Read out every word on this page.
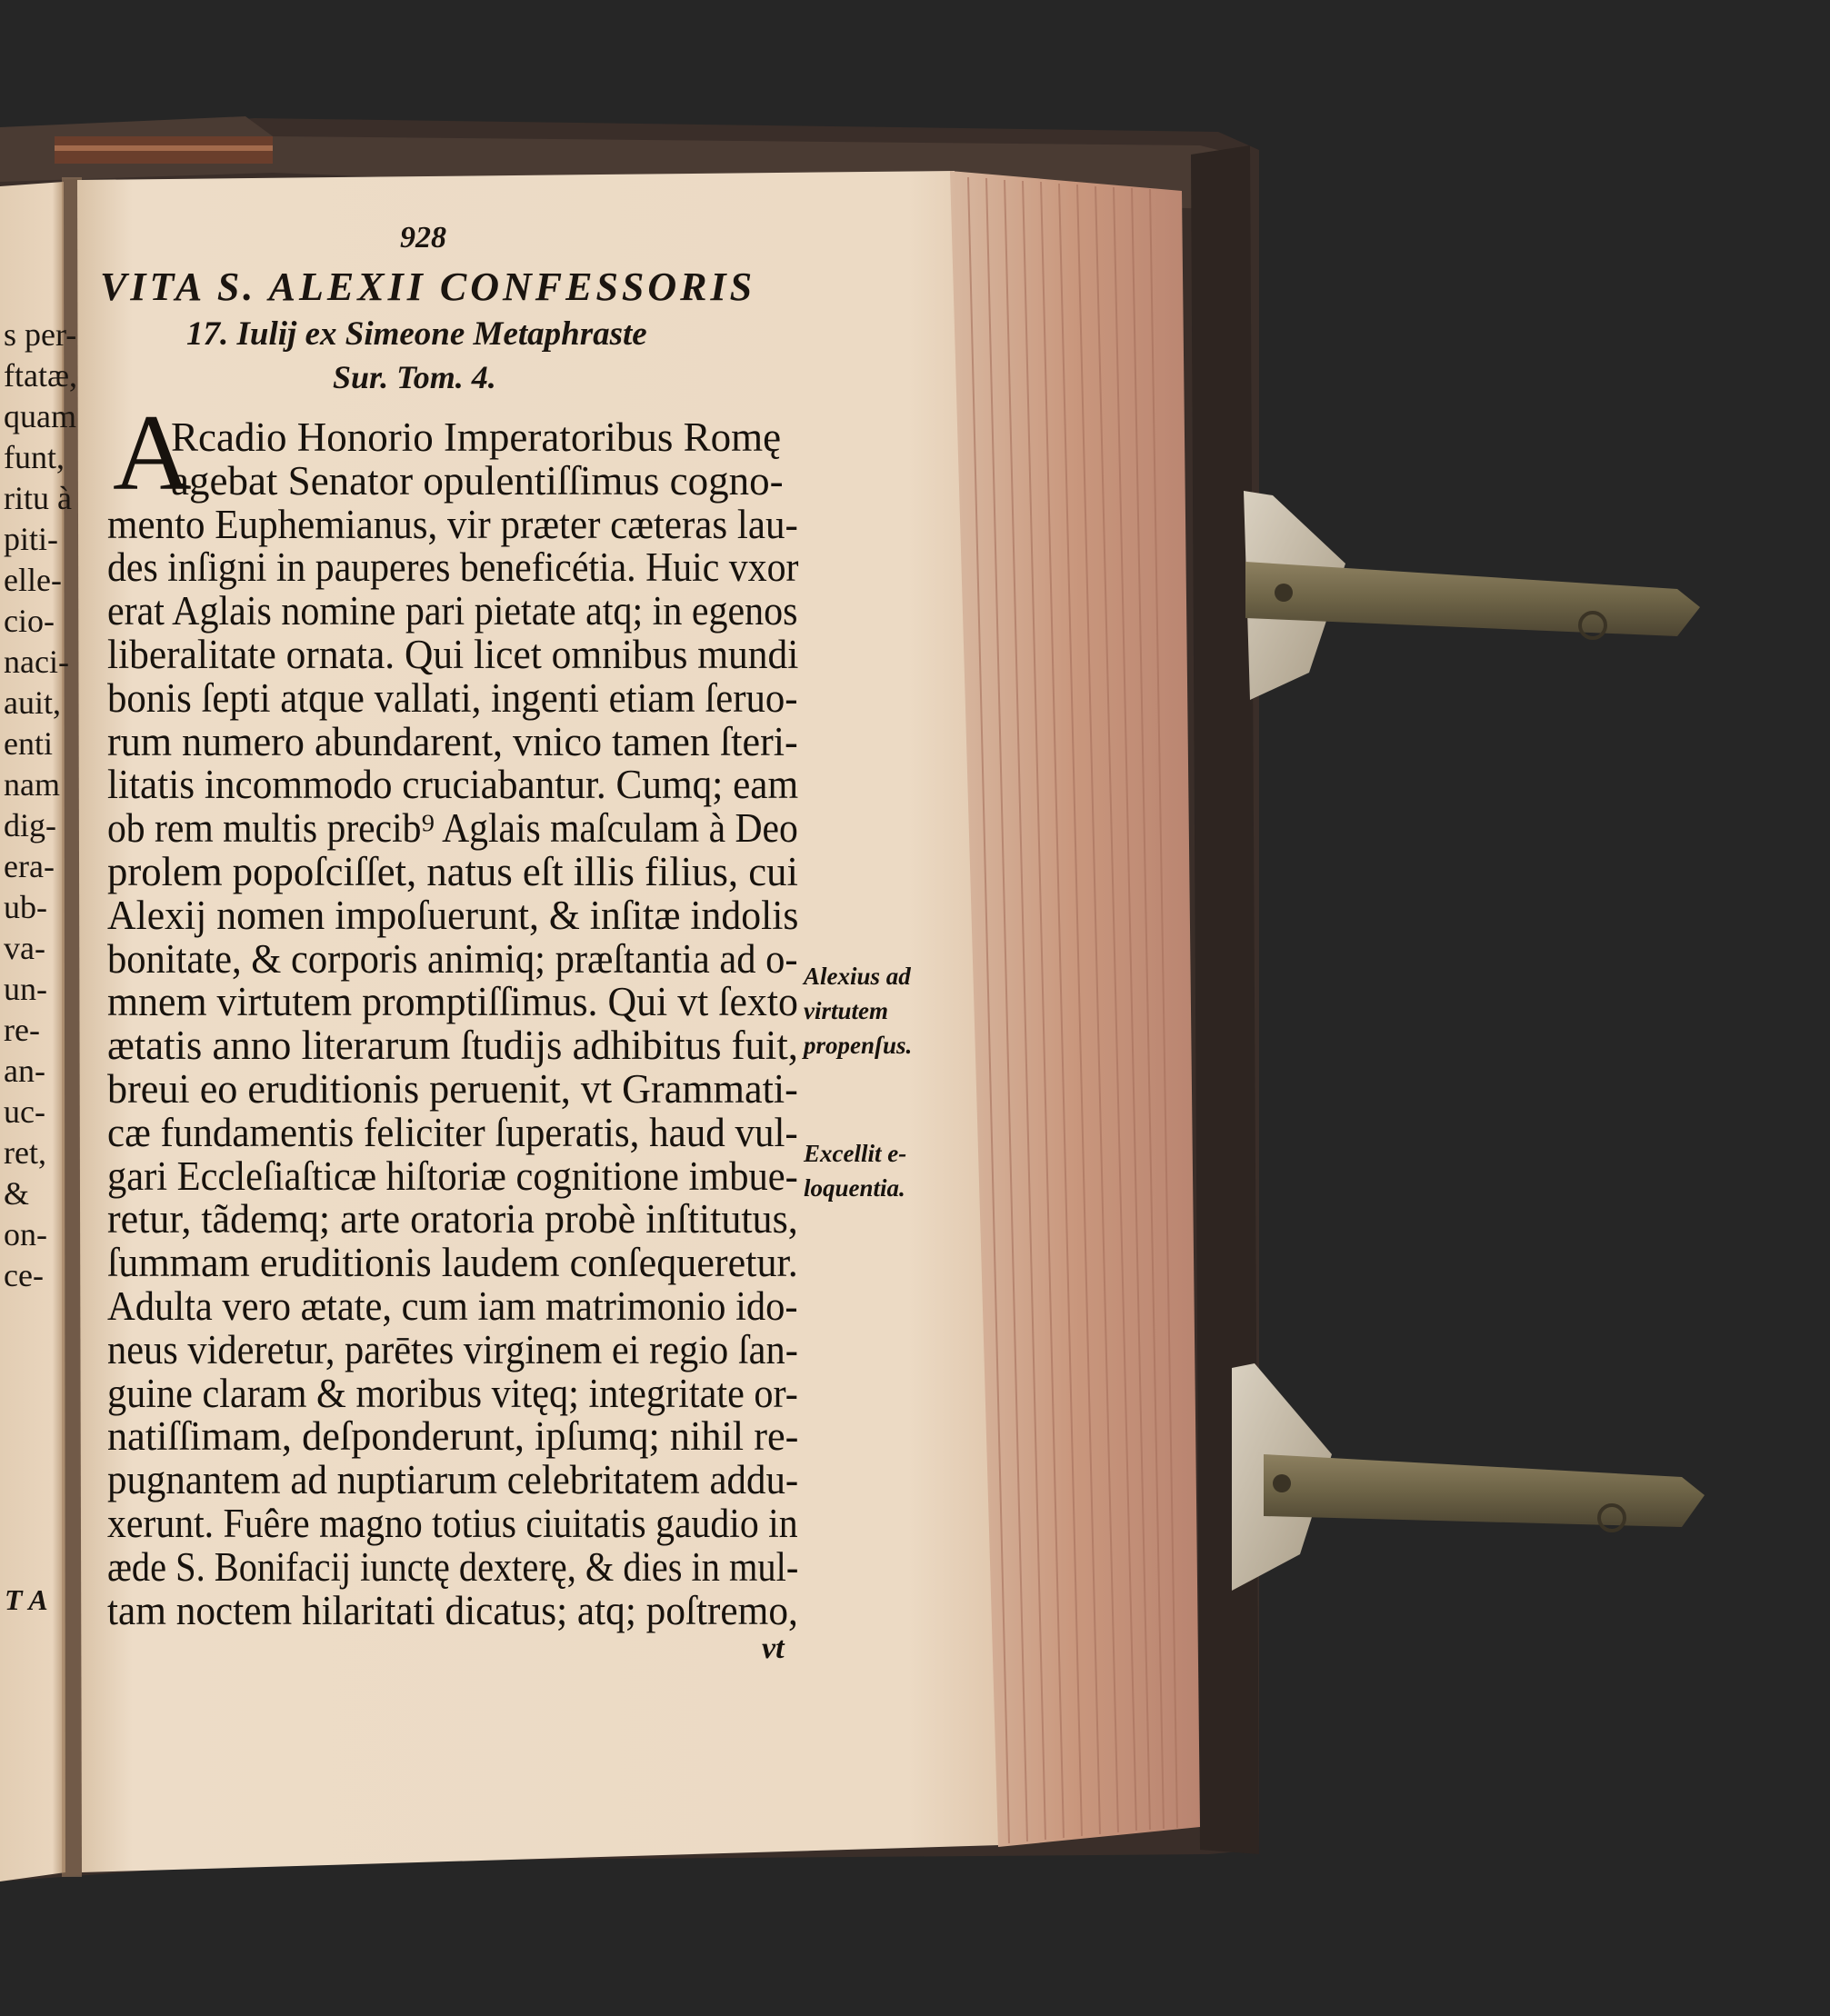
s per-
ftatæ,
quam
funt,
ritu à
piti-
elle-
cio-
naci-
auit,
enti
nam
dig-
era-
ub-
va-
un-
re-
an-
uc-
ret,
&
on-
ce-
T A
928
VITA S. ALEXII CONFESSORIS
17. Iulij ex Simeone Metaphraste
Sur. Tom. 4.
A
Rcadio Honorio Imperatoribus Romę
agebat Senator opulentiſſimus cogno-
mento Euphemianus, vir præter cæteras lau-
des inſigni in pauperes beneficétia. Huic vxor
erat Aglais nomine pari pietate atq; in egenos
liberalitate ornata. Qui licet omnibus mundi
bonis ſepti atque vallati, ingenti etiam ſeruo-
rum numero abundarent, vnico tamen ſteri-
litatis incommodo cruciabantur. Cumq; eam
ob rem multis precib⁹ Aglais maſculam à Deo
prolem popoſciſſet, natus eſt illis filius, cui
Alexij nomen impoſuerunt, & inſitæ indolis
bonitate, & corporis animiq; præſtantia ad o-
mnem virtutem promptiſſimus. Qui vt ſexto
ætatis anno literarum ſtudijs adhibitus fuit,
breui eo eruditionis peruenit, vt Grammati-
cæ fundamentis feliciter ſuperatis, haud vul-
gari Eccleſiaſticæ hiſtoriæ cognitione imbue-
retur, tãdemq; arte oratoria probè inſtitutus,
ſummam eruditionis laudem conſequeretur.
Adulta vero ætate, cum iam matrimonio ido-
neus videretur, parētes virginem ei regio ſan-
guine claram & moribus vitęq; integritate or-
natiſſimam, deſponderunt, ipſumq; nihil re-
pugnantem ad nuptiarum celebritatem addu-
xerunt. Fuêre magno totius ciuitatis gaudio in
æde S. Bonifacij iunctę dexterę, & dies in mul-
tam noctem hilaritati dicatus; atq; poſtremo,
vt
Alexius ad
virtutem
propenſus.
Excellit e-
loquentia.
